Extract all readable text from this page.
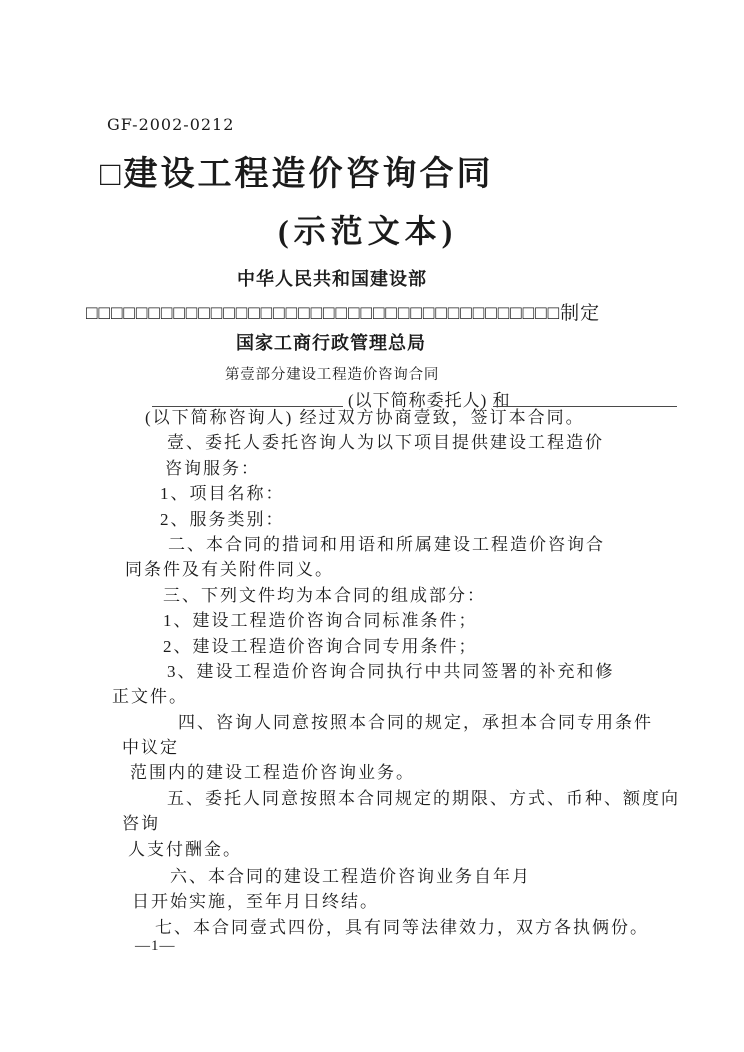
GF-2002-0212
□建设工程造价咨询合同
(示范文本)
中华人民共和国建设部
□□□□□□□□□□□□□□□□□□□□□□□□□□□□□□□□□□□□□□制定
国家工商行政管理总局
第壹部分建设工程造价咨询合同
(以下简称委托人) 和
(以下简称咨询人) 经过双方协商壹致，签订本合同。
壹、委托人委托咨询人为以下项目提供建设工程造价
咨询服务：
1、项目名称：
2、服务类别：
二、本合同的措词和用语和所属建设工程造价咨询合
同条件及有关附件同义。
三、下列文件均为本合同的组成部分：
1、建设工程造价咨询合同标准条件；
2、建设工程造价咨询合同专用条件；
3、建设工程造价咨询合同执行中共同签署的补充和修
正文件。
四、咨询人同意按照本合同的规定，承担本合同专用条件
中议定
范围内的建设工程造价咨询业务。
五、委托人同意按照本合同规定的期限、方式、币种、额度向
咨询
人支付酬金。
六、本合同的建设工程造价咨询业务自年月
日开始实施，至年月日终结。
七、本合同壹式四份，具有同等法律效力，双方各执俩份。
—1—
